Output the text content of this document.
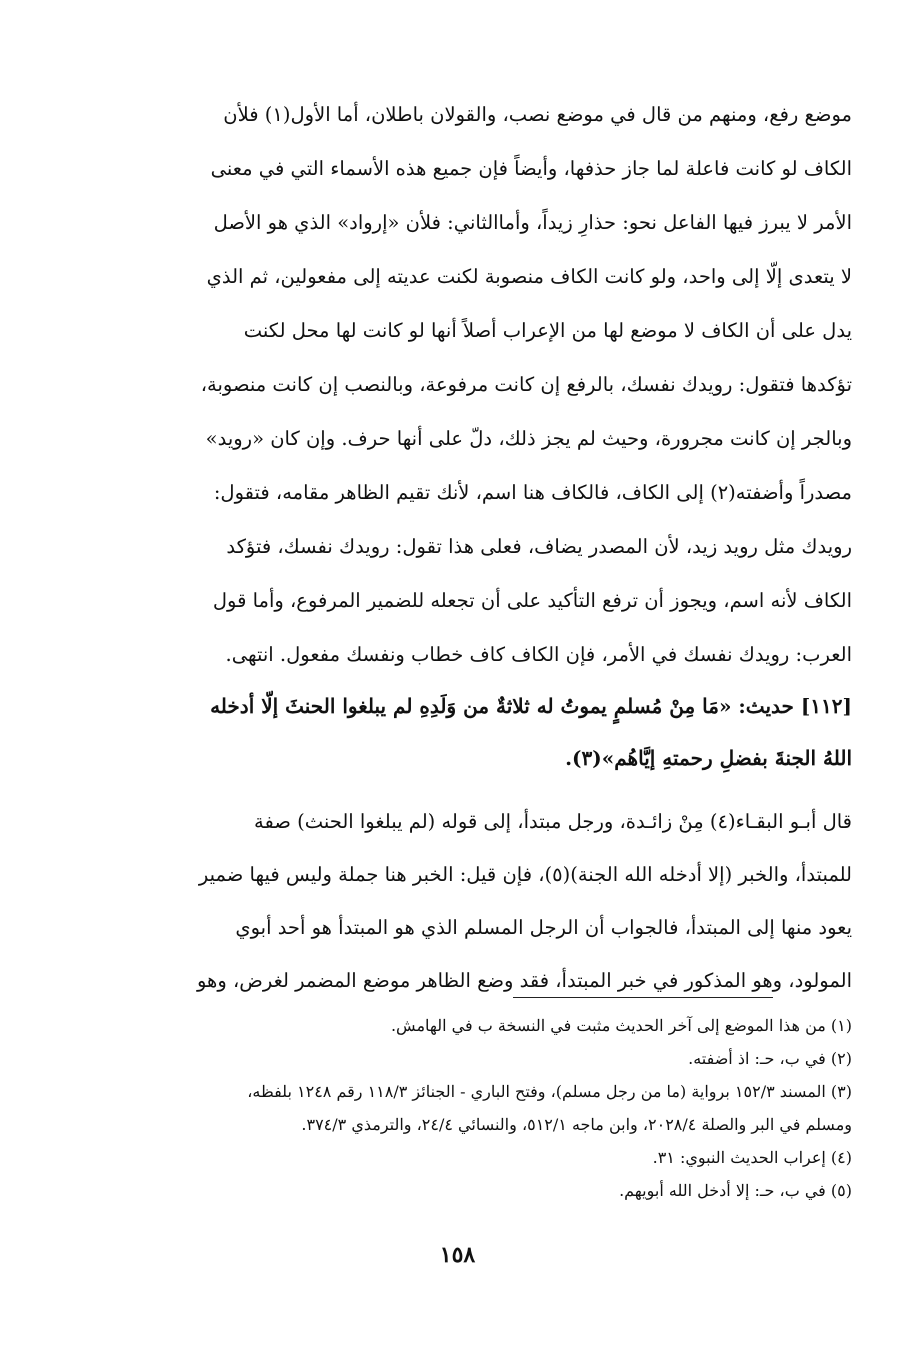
موضع رفع، ومنهم من قال في موضع نصب، والقولان باطلان، أما الأول(١) فلأن
الكاف لو كانت فاعلة لما جاز حذفها، وأيضاً فإن جميع هذه الأسماء التي في معنى
الأمر لا يبرز فيها الفاعل نحو: حذارِ زيداً، وأماالثاني: فلأن «إرواد» الذي هو الأصل
لا يتعدى إلّا إلى واحد، ولو كانت الكاف منصوبة لكنت عديته إلى مفعولين، ثم الذي
يدل على أن الكاف لا موضع لها من الإعراب أصلاً أنها لو كانت لها محل لكنت
تؤكدها فتقول: رويدك نفسك، بالرفع إن كانت مرفوعة، وبالنصب إن كانت منصوبة،
وبالجر إن كانت مجرورة، وحيث لم يجز ذلك، دلّ على أنها حرف. وإن كان «رويد»
مصدراً وأضفته(٢) إلى الكاف، فالكاف هنا اسم، لأنك تقيم الظاهر مقامه، فتقول:
رويدك مثل رويد زيد، لأن المصدر يضاف، فعلى هذا تقول: رويدك نفسك، فتؤكد
الكاف لأنه اسم، ويجوز أن ترفع التأكيد على أن تجعله للضمير المرفوع، وأما قول
العرب: رويدك نفسك في الأمر، فإن الكاف كاف خطاب ونفسك مفعول. انتهى.
[١١٢] حديث: «مَا مِنْ مُسلمٍ يموتُ له ثلاثةٌ من وَلَدِهِ لم يبلغوا الحنثَ إلّا أدخله
اللهُ الجنةَ بفضلِ رحمتهِ إيَّاهُم»(٣).
قال أبـو البقـاء(٤) مِنْ زائـدة، ورجل مبتدأ، إلى قوله (لم يبلغوا الحنث) صفة
للمبتدأ، والخبر (إلا أدخله الله الجنة)(٥)، فإن قيل: الخبر هنا جملة وليس فيها ضمير
يعود منها إلى المبتدأ، فالجواب أن الرجل المسلم الذي هو المبتدأ هو أحد أبوي
المولود، وهو المذكور في خبر المبتدأ، فقد وضع الظاهر موضع المضمر لغرض، وهو
(١) من هذا الموضع إلى آخر الحديث مثبت في النسخة ب في الهامش.
(٢) في ب، حـ: اذ أضفته.
(٣) المسند ١٥٢/٣ برواية (ما من رجل مسلم)، وفتح الباري - الجنائز ١١٨/٣ رقم ١٢٤٨ بلفظه،
ومسلم في البر والصلة ٢٠٢٨/٤، وابن ماجه ٥١٢/١، والنسائي ٢٤/٤، والترمذي ٣٧٤/٣.
(٤) إعراب الحديث النبوي: ٣١.
(٥) في ب، حـ: إلا أدخل الله أبويهم.
١٥٨
